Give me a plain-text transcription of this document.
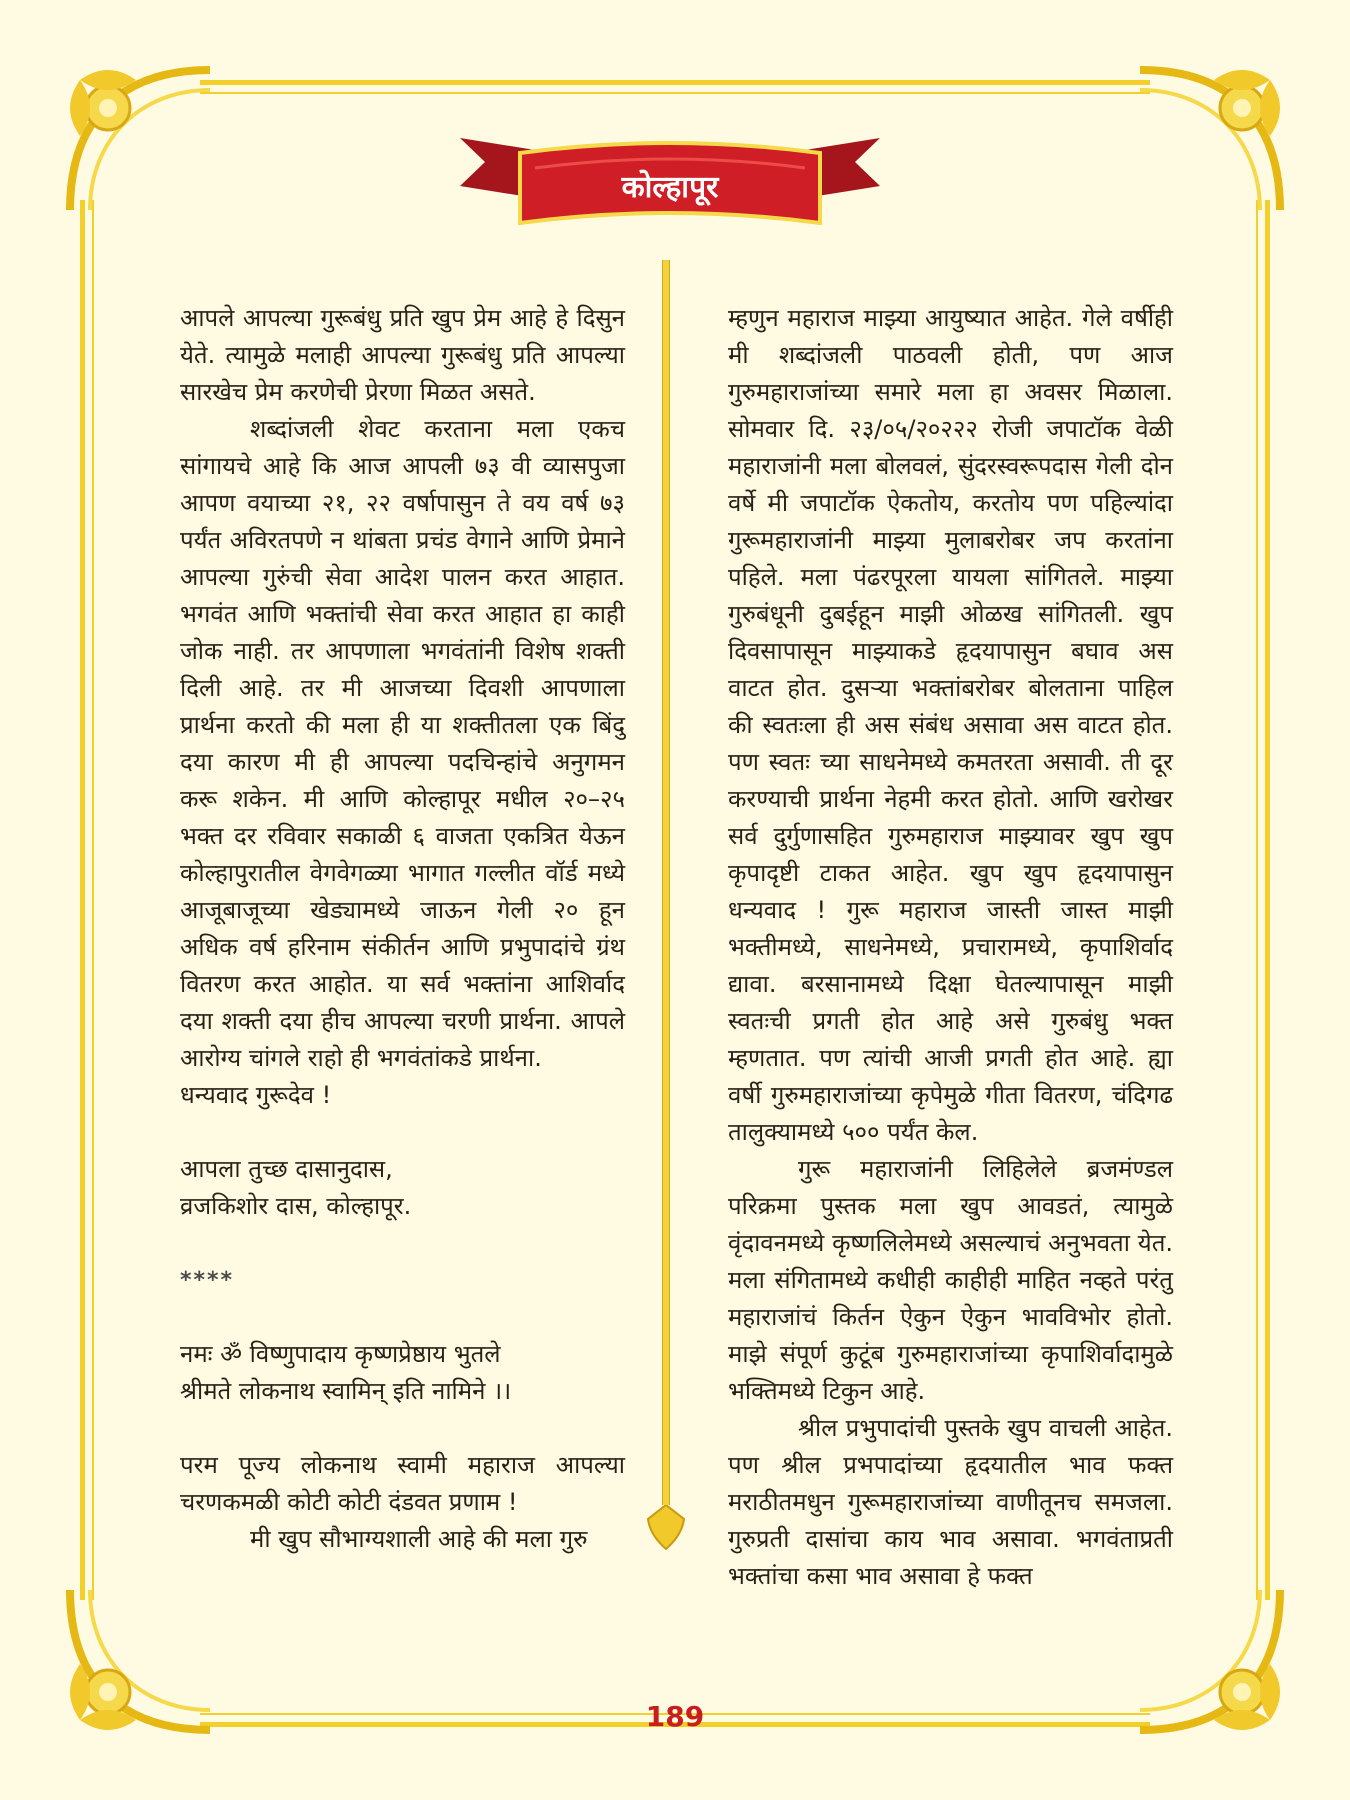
कोल्हापूर

आपले आपल्या गुरूबंधु प्रति खुप प्रेम आहे हे दिसुन येते. त्यामुळे मलाही आपल्या गुरूबंधु प्रति आपल्या सारखेच प्रेम करणेची प्रेरणा मिळत असते.

शब्दांजली शेवट करताना मला एकच सांगायचे आहे कि आज आपली ७३ वी व्यासपुजा आपण वयाच्या २१, २२ वर्षापासुन ते वय वर्ष ७३ पर्यंत अविरतपणे न थांबता प्रचंड वेगाने आणि प्रेमाने आपल्या गुरुंची सेवा आदेश पालन करत आहात. भगवंत आणि भक्तांची सेवा करत आहात हा काही जोक नाही. तर आपणाला भगवंतांनी विशेष शक्ती दिली आहे. तर मी आजच्या दिवशी आपणाला प्रार्थना करतो की मला ही या शक्तीतला एक बिंदु दया कारण मी ही आपल्या पदचिन्हांचे अनुगमन करू शकेन. मी आणि कोल्हापूर मधील २०–२५ भक्त दर रविवार सकाळी ६ वाजता एकत्रित येऊन कोल्हापुरातील वेगवेगळ्या भागात गल्लीत वॉर्ड मध्ये आजूबाजूच्या खेड्यामध्ये जाऊन गेली २० हून अधिक वर्ष हरिनाम संकीर्तन आणि प्रभुपादांचे ग्रंथ वितरण करत आहोत. या सर्व भक्तांना आशिर्वाद दया शक्ती दया हीच आपल्या चरणी प्रार्थना. आपले आरोग्य चांगले राहो ही भगवंतांकडे प्रार्थना.

धन्यवाद गुरूदेव !

आपला तुच्छ दासानुदास,

व्रजकिशोर दास, कोल्हापूर.

****

नमः ॐ विष्णुपादाय कृष्णप्रेष्ठाय भुतले

श्रीमते लोकनाथ स्वामिन् इति नामिने ।।

परम पूज्य लोकनाथ स्वामी महाराज आपल्या चरणकमळी कोटी कोटी दंडवत प्रणाम !

मी खुप सौभाग्यशाली आहे की मला गुरु

म्हणुन महाराज माझ्या आयुष्यात आहेत. गेले वर्षीही मी शब्दांजली पाठवली होती, पण आज गुरुमहाराजांच्या समारे मला हा अवसर मिळाला. सोमवार दि. २३/०५/२०२२२ रोजी जपाटॉक वेळी महाराजांनी मला बोलवलं, सुंदरस्वरूपदास गेली दोन वर्षे मी जपाटॉक ऐकतोय, करतोय पण पहिल्यांदा गुरूमहाराजांनी माझ्या मुलाबरोबर जप करतांना पहिले. मला पंढरपूरला यायला सांगितले. माझ्या गुरुबंधूनी दुबईहून माझी ओळख सांगितली. खुप दिवसापासून माझ्याकडे हृदयापासुन बघाव अस वाटत होत. दुसऱ्या भक्तांबरोबर बोलताना पाहिल की स्वतःला ही अस संबंध असावा अस वाटत होत. पण स्वतः च्या साधनेमध्ये कमतरता असावी. ती दूर करण्याची प्रार्थना नेहमी करत होतो. आणि खरोखर सर्व दुर्गुणासहित गुरुमहाराज माझ्यावर खुप खुप कृपादृष्टी टाकत आहेत. खुप खुप हृदयापासुन धन्यवाद ! गुरू महाराज जास्ती जास्त माझी भक्तीमध्ये, साधनेमध्ये, प्रचारामध्ये, कृपाशिर्वाद द्यावा. बरसानामध्ये दिक्षा घेतल्यापासून माझी स्वतःची प्रगती होत आहे असे गुरुबंधु भक्त म्हणतात. पण त्यांची आजी प्रगती होत आहे. ह्या वर्षी गुरुमहाराजांच्या कृपेमुळे गीता वितरण, चंदिगढ तालुक्यामध्ये ५०० पर्यंत केल.

गुरू महाराजांनी लिहिलेले ब्रजमंण्डल परिक्रमा पुस्तक मला खुप आवडतं, त्यामुळे वृंदावनमध्ये कृष्णलिलेमध्ये असल्याचं अनुभवता येत. मला संगितामध्ये कधीही काहीही माहित नव्हते परंतु महाराजांचं किर्तन ऐकुन ऐकुन भावविभोर होतो. माझे संपूर्ण कुटूंब गुरुमहाराजांच्या कृपाशिर्वादामुळे भक्तिमध्ये टिकुन आहे.

श्रील प्रभुपादांची पुस्तके खुप वाचली आहेत. पण श्रील प्रभपादांच्या हृदयातील भाव फक्त मराठीतमधुन गुरूमहाराजांच्या वाणीतूनच समजला. गुरुप्रती दासांचा काय भाव असावा. भगवंताप्रती भक्तांचा कसा भाव असावा हे फक्त

189
